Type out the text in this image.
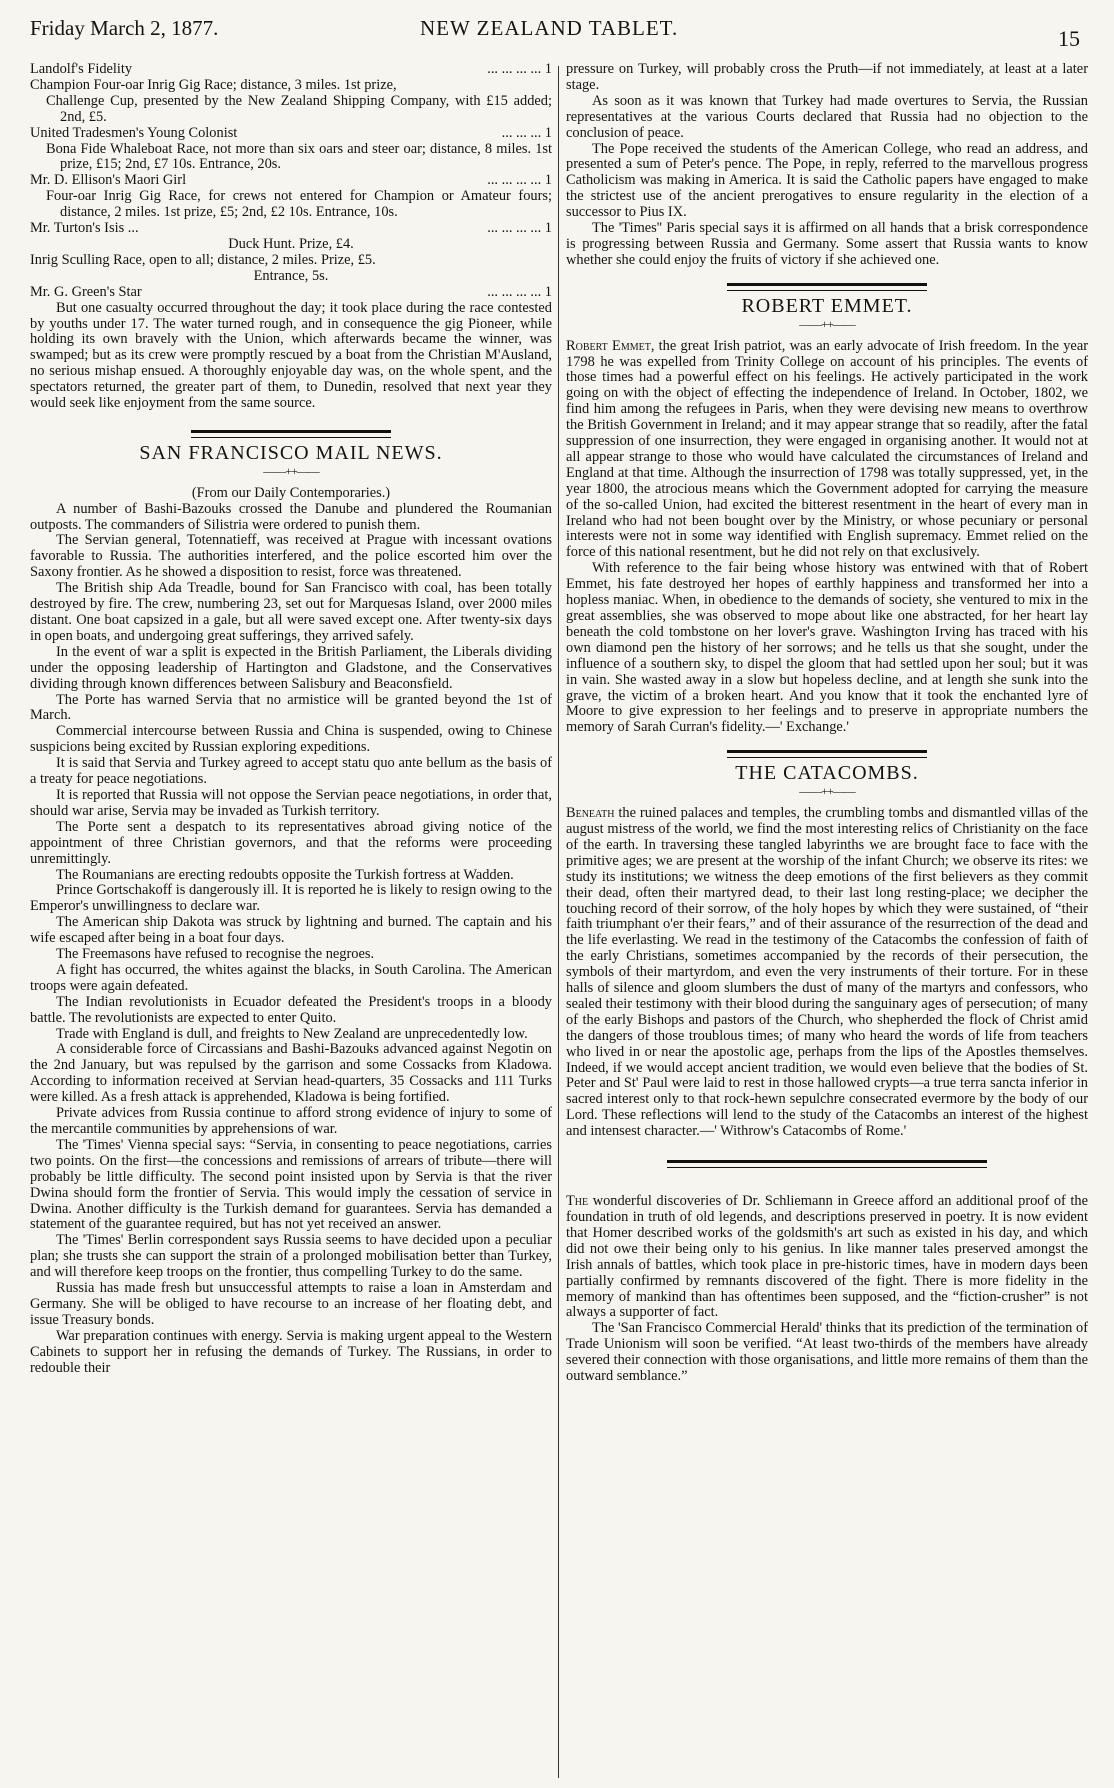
Friday March 2, 1877.	NEW ZEALAND TABLET.	15
Landolf's Fidelity	... ... ... ... 1
Champion Four-oar Inrig Gig Race; distance, 3 miles. 1st prize,
Challenge Cup, presented by the New Zealand Shipping Company, with £15 added; 2nd, £5.
United Tradesmen's Young Colonist	... ... ... 1
Bona Fide Whaleboat Race, not more than six oars and steer oar; distance, 8 miles. 1st prize, £15; 2nd, £7 10s. Entrance, 20s.
Mr. D. Ellison's Maori Girl	... ... ... ... 1
Four-oar Inrig Gig Race, for crews not entered for Champion or Amateur fours; distance, 2 miles. 1st prize, £5; 2nd, £2 10s. Entrance, 10s.
Mr. Turton's Isis ...	... ... ... ... 1
Duck Hunt. Prize, £4.
Inrig Sculling Race, open to all; distance, 2 miles. Prize, £5.
Entrance, 5s.
Mr. G. Green's Star	... ... ... ... 1

But one casualty occurred throughout the day; it took place during the race contested by youths under 17. The water turned rough, and in consequence the gig Pioneer, while holding its own bravely with the Union, which afterwards became the winner, was swamped; but as its crew were promptly rescued by a boat from the Christian M'Ausland, no serious mishap ensued. A thoroughly enjoyable day was, on the whole spent, and the spectators returned, the greater part of them, to Dunedin, resolved that next year they would seek like enjoyment from the same source.

SAN FRANCISCO MAIL NEWS.
——++——
(From our Daily Contemporaries.)

A number of Bashi-Bazouks crossed the Danube and plundered the Roumanian outposts. The commanders of Silistria were ordered to punish them.

The Servian general, Totennatieff, was received at Prague with incessant ovations favorable to Russia. The authorities interfered, and the police escorted him over the Saxony frontier. As he showed a disposition to resist, force was threatened.

The British ship Ada Treadle, bound for San Francisco with coal, has been totally destroyed by fire. The crew, numbering 23, set out for Marquesas Island, over 2000 miles distant. One boat capsized in a gale, but all were saved except one. After twenty-six days in open boats, and undergoing great sufferings, they arrived safely.

In the event of war a split is expected in the British Parliament, the Liberals dividing under the opposing leadership of Hartington and Gladstone, and the Conservatives dividing through known differences between Salisbury and Beaconsfield.

The Porte has warned Servia that no armistice will be granted beyond the 1st of March.

Commercial intercourse between Russia and China is suspended, owing to Chinese suspicions being excited by Russian exploring expeditions.

It is said that Servia and Turkey agreed to accept statu quo ante bellum as the basis of a treaty for peace negotiations.

It is reported that Russia will not oppose the Servian peace negotiations, in order that, should war arise, Servia may be invaded as Turkish territory.

The Porte sent a despatch to its representatives abroad giving notice of the appointment of three Christian governors, and that the reforms were proceeding unremittingly.

The Roumanians are erecting redoubts opposite the Turkish fortress at Wadden.

Prince Gortschakoff is dangerously ill. It is reported he is likely to resign owing to the Emperor's unwillingness to declare war.

The American ship Dakota was struck by lightning and burned. The captain and his wife escaped after being in a boat four days.

The Freemasons have refused to recognise the negroes.

A fight has occurred, the whites against the blacks, in South Carolina. The American troops were again defeated.

The Indian revolutionists in Ecuador defeated the President's troops in a bloody battle. The revolutionists are expected to enter Quito.

Trade with England is dull, and freights to New Zealand are unprecedentedly low.

A considerable force of Circassians and Bashi-Bazouks advanced against Negotin on the 2nd January, but was repulsed by the garrison and some Cossacks from Kladowa. According to information received at Servian head-quarters, 35 Cossacks and 111 Turks were killed. As a fresh attack is apprehended, Kladowa is being fortified.

Private advices from Russia continue to afford strong evidence of injury to some of the mercantile communities by apprehensions of war.

The 'Times' Vienna special says: “Servia, in consenting to peace negotiations, carries two points. On the first—the concessions and remissions of arrears of tribute—there will probably be little difficulty. The second point insisted upon by Servia is that the river Dwina should form the frontier of Servia. This would imply the cessation of service in Dwina. Another difficulty is the Turkish demand for guarantees. Servia has demanded a statement of the guarantee required, but has not yet received an answer.

The 'Times' Berlin correspondent says Russia seems to have decided upon a peculiar plan; she trusts she can support the strain of a prolonged mobilisation better than Turkey, and will therefore keep troops on the frontier, thus compelling Turkey to do the same.

Russia has made fresh but unsuccessful attempts to raise a loan in Amsterdam and Germany. She will be obliged to have recourse to an increase of her floating debt, and issue Treasury bonds.

War preparation continues with energy. Servia is making urgent appeal to the Western Cabinets to support her in refusing the demands of Turkey. The Russians, in order to redouble their

pressure on Turkey, will probably cross the Pruth—if not immediately, at least at a later stage.

As soon as it was known that Turkey had made overtures to Servia, the Russian representatives at the various Courts declared that Russia had no objection to the conclusion of peace.

The Pope received the students of the American College, who read an address, and presented a sum of Peter's pence. The Pope, in reply, referred to the marvellous progress Catholicism was making in America. It is said the Catholic papers have engaged to make the strictest use of the ancient prerogatives to ensure regularity in the election of a successor to Pius IX.

The 'Times'' Paris special says it is affirmed on all hands that a brisk correspondence is progressing between Russia and Germany. Some assert that Russia wants to know whether she could enjoy the fruits of victory if she achieved one.

ROBERT EMMET.
——++——

Robert Emmet, the great Irish patriot, was an early advocate of Irish freedom. In the year 1798 he was expelled from Trinity College on account of his principles. The events of those times had a powerful effect on his feelings. He actively participated in the work going on with the object of effecting the independence of Ireland. In October, 1802, we find him among the refugees in Paris, when they were devising new means to overthrow the British Government in Ireland; and it may appear strange that so readily, after the fatal suppression of one insurrection, they were engaged in organising another. It would not at all appear strange to those who would have calculated the circumstances of Ireland and England at that time. Although the insurrection of 1798 was totally suppressed, yet, in the year 1800, the atrocious means which the Government adopted for carrying the measure of the so-called Union, had excited the bitterest resentment in the heart of every man in Ireland who had not been bought over by the Ministry, or whose pecuniary or personal interests were not in some way identified with English supremacy. Emmet relied on the force of this national resentment, but he did not rely on that exclusively.

With reference to the fair being whose history was entwined with that of Robert Emmet, his fate destroyed her hopes of earthly happiness and transformed her into a hopless maniac. When, in obedience to the demands of society, she ventured to mix in the great assemblies, she was observed to mope about like one abstracted, for her heart lay beneath the cold tombstone on her lover's grave. Washington Irving has traced with his own diamond pen the history of her sorrows; and he tells us that she sought, under the influence of a southern sky, to dispel the gloom that had settled upon her soul; but it was in vain. She wasted away in a slow but hopeless decline, and at length she sunk into the grave, the victim of a broken heart. And you know that it took the enchanted lyre of Moore to give expression to her feelings and to preserve in appropriate numbers the memory of Sarah Curran's fidelity.—' Exchange.'

THE CATACOMBS.
——++——

Beneath the ruined palaces and temples, the crumbling tombs and dismantled villas of the august mistress of the world, we find the most interesting relics of Christianity on the face of the earth. In traversing these tangled labyrinths we are brought face to face with the primitive ages; we are present at the worship of the infant Church; we observe its rites: we study its institutions; we witness the deep emotions of the first believers as they commit their dead, often their martyred dead, to their last long resting-place; we decipher the touching record of their sorrow, of the holy hopes by which they were sustained, of “their faith triumphant o'er their fears,” and of their assurance of the resurrection of the dead and the life everlasting. We read in the testimony of the Catacombs the confession of faith of the early Christians, sometimes accompanied by the records of their persecution, the symbols of their martyrdom, and even the very instruments of their torture. For in these halls of silence and gloom slumbers the dust of many of the martyrs and confessors, who sealed their testimony with their blood during the sanguinary ages of persecution; of many of the early Bishops and pastors of the Church, who shepherded the flock of Christ amid the dangers of those troublous times; of many who heard the words of life from teachers who lived in or near the apostolic age, perhaps from the lips of the Apostles themselves. Indeed, if we would accept ancient tradition, we would even believe that the bodies of St. Peter and St' Paul were laid to rest in those hallowed crypts—a true terra sancta inferior in sacred interest only to that rock-hewn sepulchre consecrated evermore by the body of our Lord. These reflections will lend to the study of the Catacombs an interest of the highest and intensest character.—' Withrow's Catacombs of Rome.'

The wonderful discoveries of Dr. Schliemann in Greece afford an additional proof of the foundation in truth of old legends, and descriptions preserved in poetry. It is now evident that Homer described works of the goldsmith's art such as existed in his day, and which did not owe their being only to his genius. In like manner tales preserved amongst the Irish annals of battles, which took place in pre-historic times, have in modern days been partially confirmed by remnants discovered of the fight. There is more fidelity in the memory of mankind than has oftentimes been supposed, and the “fiction-crusher” is not always a supporter of fact.

The 'San Francisco Commercial Herald' thinks that its prediction of the termination of Trade Unionism will soon be verified. “At least two-thirds of the members have already severed their connection with those organisations, and little more remains of them than the outward semblance.”
